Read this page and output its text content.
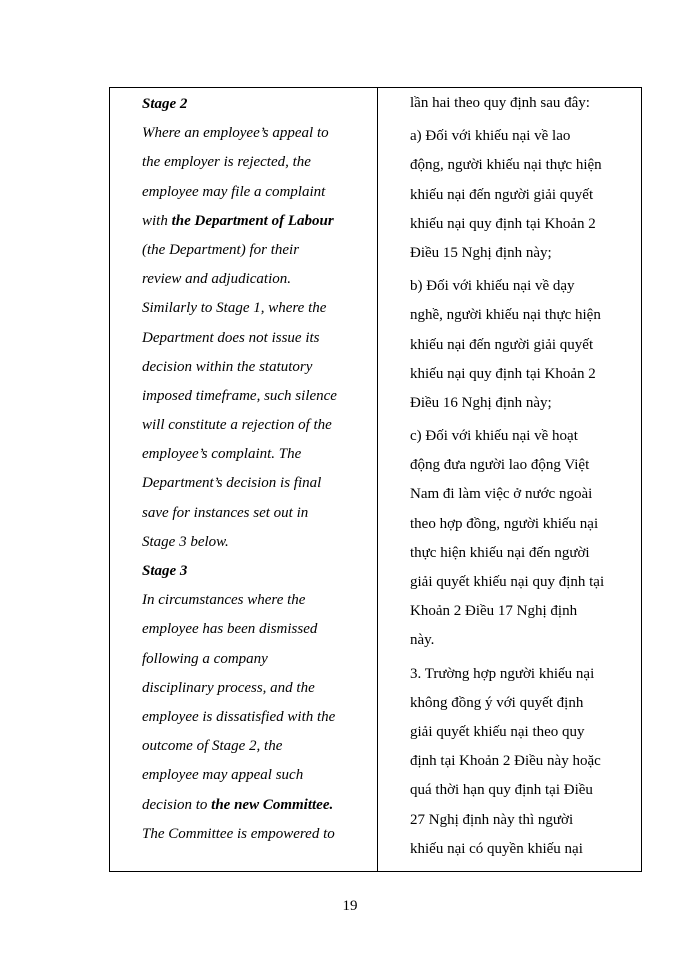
Stage 2
Where an employee’s appeal to
the employer is rejected, the
employee may file a complaint
with the Department of Labour
(the Department) for their
review and adjudication.
Similarly to Stage 1, where the
Department does not issue its
decision within the statutory
imposed timeframe, such silence
will constitute a rejection of the
employee’s complaint. The
Department’s decision is final
save for instances set out in
Stage 3 below.
Stage 3
In circumstances where the
employee has been dismissed
following a company
disciplinary process, and the
employee is dissatisfied with the
outcome of Stage 2, the
employee may appeal such
decision to the new Committee.
The Committee is empowered to
lần hai theo quy định sau đây:
a) Đối với khiếu nại về lao
động, người khiếu nại thực hiện
khiếu nại đến người giải quyết
khiếu nại quy định tại Khoản 2
Điều 15 Nghị định này;
b) Đối với khiếu nại về dạy
nghề, người khiếu nại thực hiện
khiếu nại đến người giải quyết
khiếu nại quy định tại Khoản 2
Điều 16 Nghị định này;
c) Đối với khiếu nại về hoạt
động đưa người lao động Việt
Nam đi làm việc ở nước ngoài
theo hợp đồng, người khiếu nại
thực hiện khiếu nại đến người
giải quyết khiếu nại quy định tại
Khoản 2 Điều 17 Nghị định
này.
3. Trường hợp người khiếu nại
không đồng ý với quyết định
giải quyết khiếu nại theo quy
định tại Khoản 2 Điều này hoặc
quá thời hạn quy định tại Điều
27 Nghị định này thì người
khiếu nại có quyền khiếu nại
19
